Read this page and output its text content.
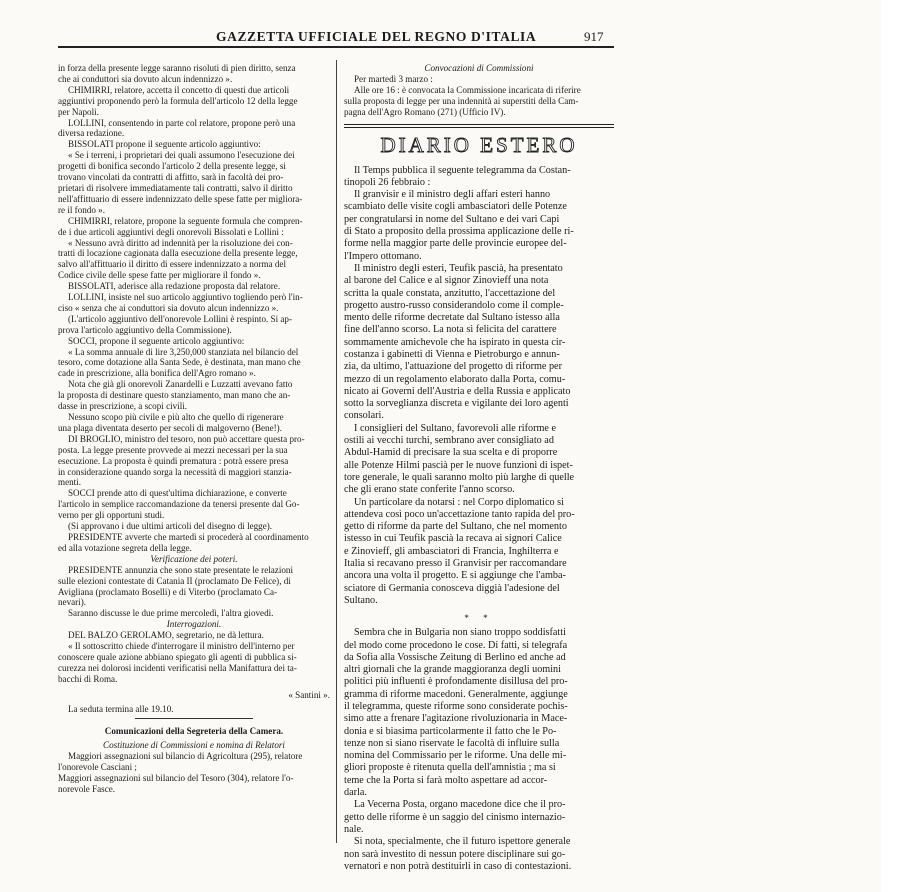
GAZZETTA UFFICIALE DEL REGNO D'ITALIA	917

in forza della presente legge saranno risoluti di pien diritto, senza

che ai conduttori sia dovuto alcun indennizzo ».

CHIMIRRI, relatore, accetta il concetto di questi due articoli

aggiuntivi proponendo però la formula dell'articolo 12 della legge

per Napoli.

LOLLINI, consentendo in parte col relatore, propone però una

diversa redazione.

BISSOLATI propone il seguente articolo aggiuntivo:

« Se i terreni, i proprietari dei quali assumono l'esecuzione dei

progetti di bonifica secondo l'articolo 2 della presente legge, si

trovano vincolati da contratti di affitto, sarà in facoltà dei pro-

prietari di risolvere immediatamente tali contratti, salvo il diritto

nell'affittuario di essere indennizzato delle spese fatte per migliora-

re il fondo ».

CHIMIRRI, relatore, propone la seguente formula che compren-

de i due articoli aggiuntivi degli onorevoli Bissolati e Lollini :

« Nessuno avrà diritto ad indennità per la risoluzione dei con-

tratti di locazione cagionata dalla esecuzione della presente legge,

salvo all'affittuario il diritto di essere indennizzato a norma del

Codice civile delle spese fatte per migliorare il fondo ».

BISSOLATI, aderisce alla redazione proposta dal relatore.

LOLLINI, insiste nel suo articolo aggiuntivo togliendo però l'in-

ciso « senza che ai conduttori sia dovuto alcun indennizzo ».

(L'articolo aggiuntivo dell'onorevole Lollini è respinto. Si ap-

prova l'articolo aggiuntivo della Commissione).

SOCCI, propone il seguente articolo aggiuntivo:

« La somma annuale di lire 3,250,000 stanziata nel bilancio del

tesoro, come dotazione alla Santa Sede, è destinata, man mano che

cade in prescrizione, alla bonifica dell'Agro romano ».

Nota che già gli onorevoli Zanardelli e Luzzatti avevano fatto

la proposta di destinare questo stanziamento, man mano che an-

dasse in prescrizione, a scopi civili.

Nessuno scopo più civile e più alto che quello di rigenerare

una plaga diventata deserto per secoli di malgoverno (Bene!).

DI BROGLIO, ministro del tesoro, non può accettare questa pro-

posta. La legge presente provvede ai mezzi necessari per la sua

esecuzione. La proposta è quindi prematura : potrà essere presa

in considerazione quando sorga la necessità di maggiori stanzia-

menti.

SOCCI prende atto di quest'ultima dichiarazione, e converte

l'articolo in semplice raccomandazione da tenersi presente dal Go-

verno per gli opportuni studi.

(Si approvano i due ultimi articoli del disegno di legge).

PRESIDENTE avverte che martedì si procederà al coordinamento

ed alla votazione segreta della legge.

Verificazione dei poteri.

PRESIDENTE annunzia che sono state presentate le relazioni

sulle elezioni contestate di Catania II (proclamato De Felice), di

Avigliana (proclamato Boselli) e di Viterbo (proclamato Ca-

nevari).

Saranno discusse le due prime mercoledì, l'altra giovedì.

Interrogazioni.

DEL BALZO GEROLAMO, segretario, ne dà lettura.

« Il sottoscritto chiede d'interrogare il ministro dell'interno per

conoscere quale azione abbiano spiegato gli agenti di pubblica si-

curezza nei dolorosi incidenti verificatisi nella Manifattura dei ta-

bacchi di Roma.

« Santini ».

La seduta termina alle 19.10.

Comunicazioni della Segreteria della Camera.

Costituzione di Commissioni e nomina di Relatori

Maggiori assegnazioni sul bilancio di Agricoltura (295), relatore

l'onorevole Casciani ;

Maggiori assegnazioni sul bilancio del Tesoro (304), relatore l'o-

norevole Fasce.

Convocazioni di Commissioni

Per martedì 3 marzo :

Alle ore 16 : è convocata la Commissione incaricata di riferire

sulla proposta di legge per una indennità ai superstiti della Cam-

pagna dell'Agro Romano (271) (Ufficio IV).

DIARIO ESTERO

Il Temps pubblica il seguente telegramma da Costan-

tinopoli 26 febbraio :

Il granvisir e il ministro degli affari esteri hanno

scambiato delle visite cogli ambasciatori delle Potenze

per congratularsi in nome del Sultano e dei vari Capi

di Stato a proposito della prossima applicazione delle ri-

forme nella maggior parte delle provincie europee del-

l'Impero ottomano.

Il ministro degli esteri, Teufik pascià, ha presentato

al barone del Calice e al signor Zinovieff una nota

scritta la quale constata, anzitutto, l'accettazione del

progetto austro-russo considerandolo come il comple-

mento delle riforme decretate dal Sultano istesso alla

fine dell'anno scorso. La nota si felicita del carattere

sommamente amichevole che ha ispirato in questa cir-

costanza i gabinetti di Vienna e Pietroburgo e annun-

zia, da ultimo, l'attuazione del progetto di riforme per

mezzo di un regolamento elaborato dalla Porta, comu-

nicato ai Governi dell'Austria e della Russia e applicato

sotto la sorveglianza discreta e vigilante dei loro agenti

consolari.

I consiglieri del Sultano, favorevoli alle riforme e

ostili ai vecchi turchi, sembrano aver consigliato ad

Abdul-Hamid di precisare la sua scelta e di proporre

alle Potenze Hilmi pascià per le nuove funzioni di ispet-

tore generale, le quali saranno molto più larghe di quelle

che gli erano state conferite l'anno scorso.

Un particolare da notarsi : nel Corpo diplomatico si

attendeva così poco un'accettazione tanto rapida del pro-

getto di riforme da parte del Sultano, che nel momento

istesso in cui Teufik pascià la recava ai signori Calice

e Zinovieff, gli ambasciatori di Francia, Inghilterra e

Italia si recavano presso il Granvisir per raccomandare

ancora una volta il progetto. E si aggiunge che l'amba-

sciatore di Germania conosceva diggià l'adesione del

Sultano.

* *

Sembra che in Bulgaria non siano troppo soddisfatti

del modo come procedono le cose. Di fatti, si telegrafa

da Sofia alla Vossische Zeitung di Berlino ed anche ad

altri giornali che la grande maggioranza degli uomini

politici più influenti è profondamente disillusa del pro-

gramma di riforme macedoni. Generalmente, aggiunge

il telegramma, queste riforme sono considerate pochis-

simo atte a frenare l'agitazione rivoluzionaria in Mace-

donia e si biasima particolarmente il fatto che le Po-

tenze non si siano riservate le facoltà di influire sulla

nomina del Commissario per le riforme. Una delle mi-

gliori proposte è ritenuta quella dell'amnistia ; ma si

teme che la Porta si farà molto aspettare ad accor-

darla.

La Vecerna Posta, organo macedone dice che il pro-

getto delle riforme è un saggio del cinismo internazio-

nale.

Si nota, specialmente, che il futuro ispettore generale

non sarà investito di nessun potere disciplinare sui go-

vernatori e non potrà destituirli in caso di contestazioni.
